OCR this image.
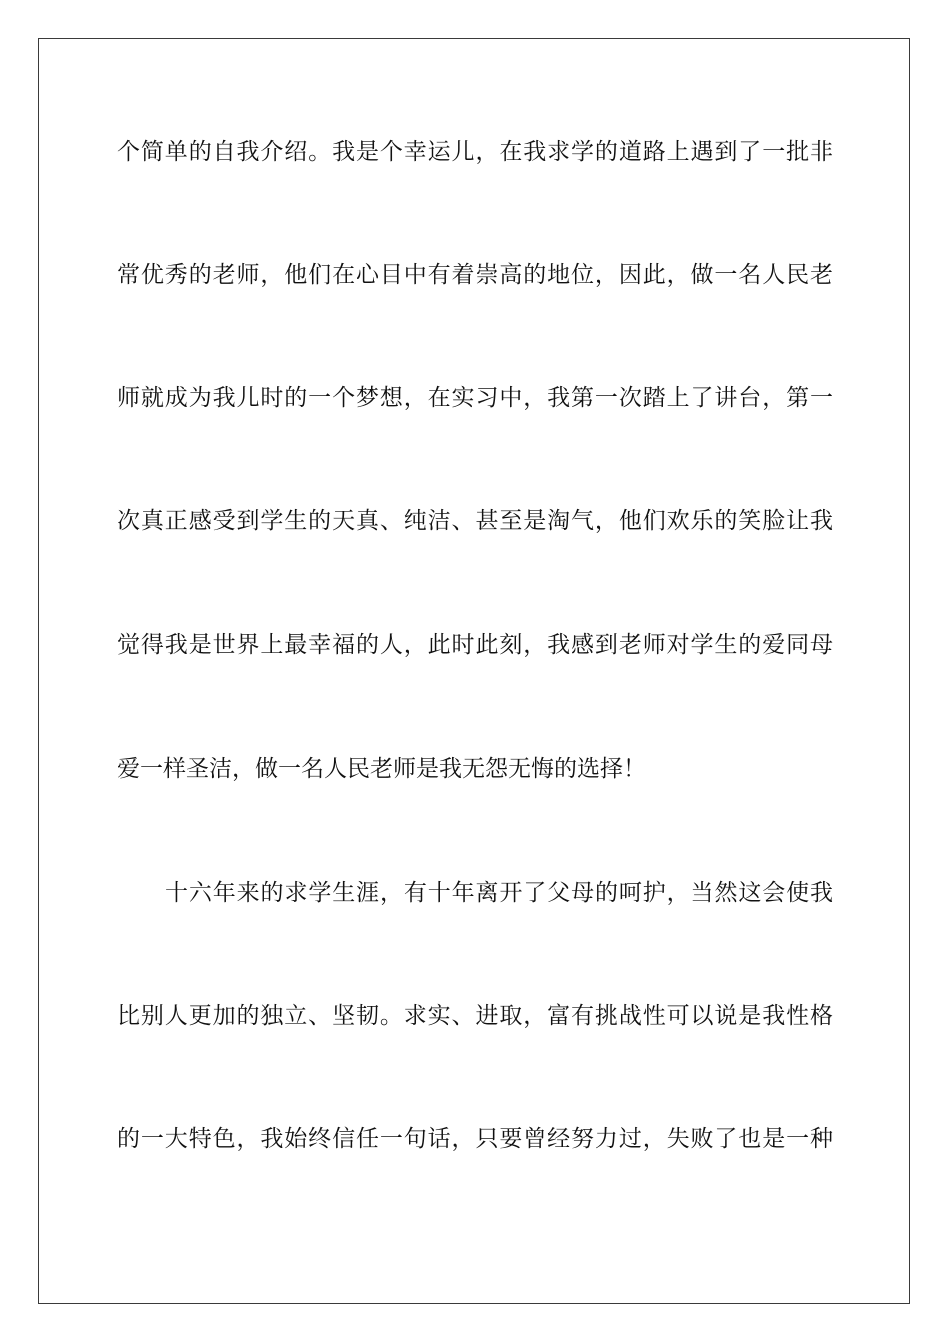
个简单的自我介绍。我是个幸运儿，在我求学的道路上遇到了一批非
常优秀的老师，他们在心目中有着崇高的地位，因此，做一名人民老
师就成为我儿时的一个梦想，在实习中，我第一次踏上了讲台，第一
次真正感受到学生的天真、纯洁、甚至是淘气，他们欢乐的笑脸让我
觉得我是世界上最幸福的人，此时此刻，我感到老师对学生的爱同母
爱一样圣洁，做一名人民老师是我无怨无悔的选择！
十六年来的求学生涯，有十年离开了父母的呵护，当然这会使我
比别人更加的独立、坚韧。求实、进取，富有挑战性可以说是我性格
的一大特色，我始终信任一句话，只要曾经努力过，失败了也是一种
